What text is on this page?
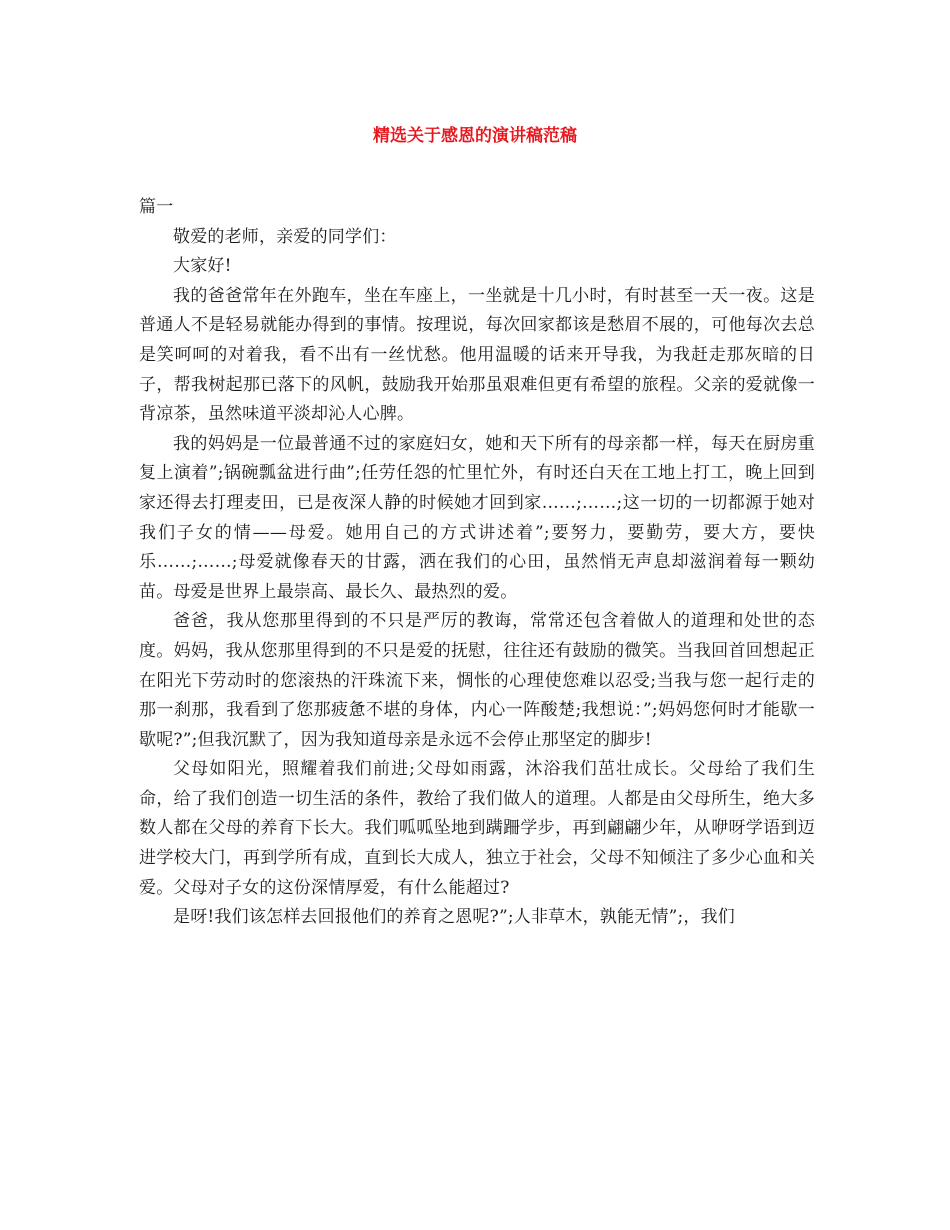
精选关于感恩的演讲稿范稿

篇一

敬爱的老师，亲爱的同学们：

大家好!

我的爸爸常年在外跑车，坐在车座上，一坐就是十几小时，有时甚至一天一夜。这是普通人不是轻易就能办得到的事情。按理说，每次回家都该是愁眉不展的，可他每次去总是笑呵呵的对着我，看不出有一丝忧愁。他用温暖的话来开导我，为我赶走那灰暗的日子，帮我树起那已落下的风帆，鼓励我开始那虽艰难但更有希望的旅程。父亲的爱就像一背凉茶，虽然味道平淡却沁人心脾。

我的妈妈是一位最普通不过的家庭妇女，她和天下所有的母亲都一样，每天在厨房重复上演着”;锅碗瓢盆进行曲”;任劳任怨的忙里忙外，有时还白天在工地上打工，晚上回到家还得去打理麦田，已是夜深人静的时候她才回到家……;……;这一切的一切都源于她对我们子女的情——母爱。她用自己的方式讲述着”;要努力，要勤劳，要大方，要快乐……;……;母爱就像春天的甘露，洒在我们的心田，虽然悄无声息却滋润着每一颗幼苗。母爱是世界上最崇高、最长久、最热烈的爱。

爸爸，我从您那里得到的不只是严厉的教诲，常常还包含着做人的道理和处世的态度。妈妈，我从您那里得到的不只是爱的抚慰，往往还有鼓励的微笑。当我回首回想起正在阳光下劳动时的您滚热的汗珠流下来，惆怅的心理使您难以忍受;当我与您一起行走的那一刹那，我看到了您那疲惫不堪的身体，内心一阵酸楚;我想说：”;妈妈您何时才能歇一歇呢?”;但我沉默了，因为我知道母亲是永远不会停止那坚定的脚步!

父母如阳光，照耀着我们前进;父母如雨露，沐浴我们茁壮成长。父母给了我们生命，给了我们创造一切生活的条件，教给了我们做人的道理。人都是由父母所生，绝大多数人都在父母的养育下长大。我们呱呱坠地到蹒跚学步，再到翩翩少年，从咿呀学语到迈进学校大门，再到学所有成，直到长大成人，独立于社会，父母不知倾注了多少心血和关爱。父母对子女的这份深情厚爱，有什么能超过?

是呀!我们该怎样去回报他们的养育之恩呢?”;人非草木，孰能无情”;，我们
